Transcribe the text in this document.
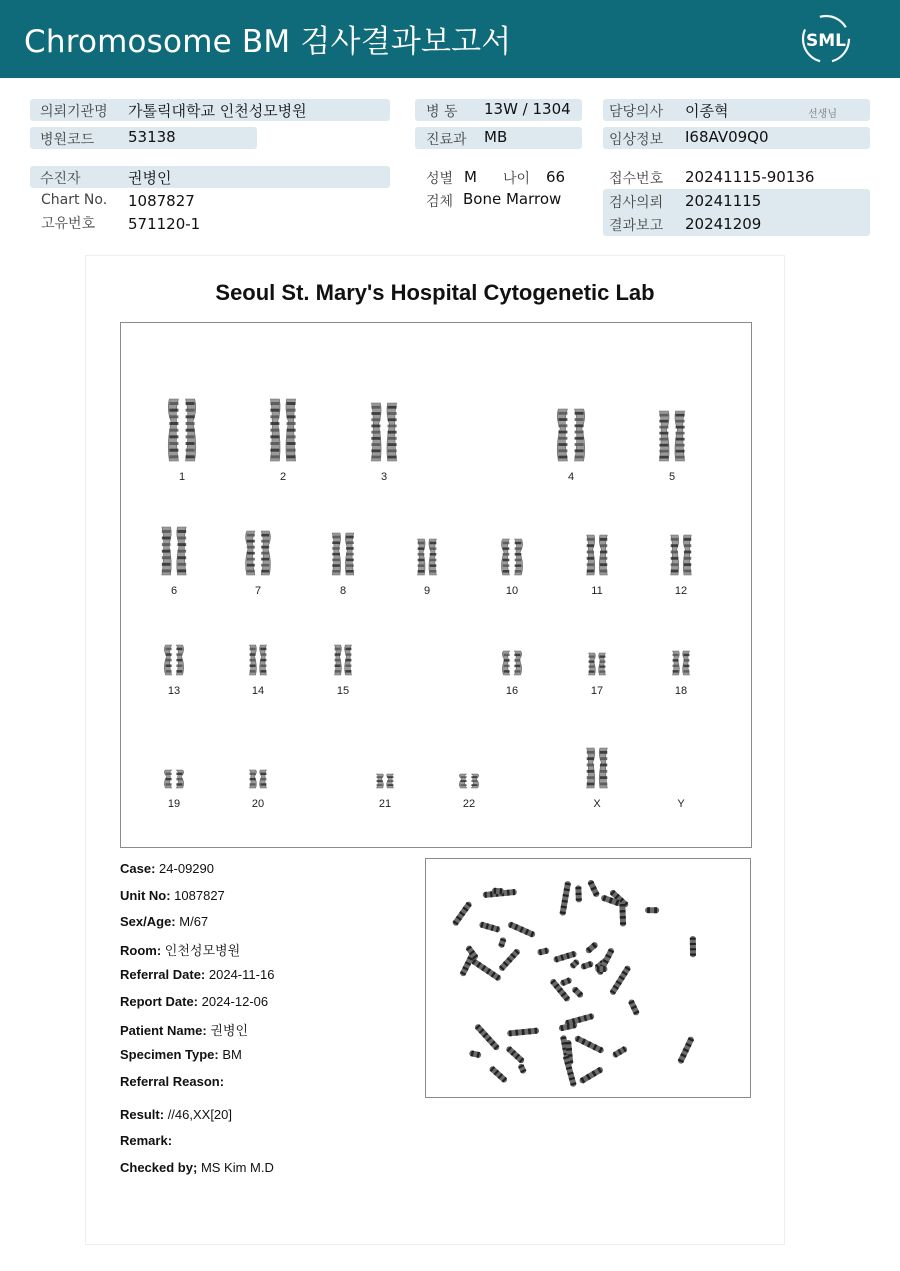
Chromosome BM 검사결과보고서	SML
의뢰기관명 가톨릭대학교 인천성모병원
병원코드 53138
병 동 13W / 1304
진료과 MB
담당의사 이종혁	선생님
임상정보 I68AV09Q0
수진자	권병인
Chart No. 1087827
고유번호 571120-1
성별 M 나이 66
검체 Bone Marrow
접수번호 20241115-90136
검사의뢰 20241115
결과보고 20241209
Seoul St. Mary's Hospital Cytogenetic Lab
1	2	3	4	5
6	7	8	9	10	11	12
13	14	15	16	17	18
19	20	21	22	X	Y
Case: 24-09290
Unit No: 1087827
Sex/Age: M/67
Room: 인천성모병원
Referral Date: 2024-11-16
Report Date: 2024-12-06
Patient Name: 권병인
Specimen Type: BM
Referral Reason:
Result: //46,XX[20]
Remark:
Checked by; MS Kim M.D
